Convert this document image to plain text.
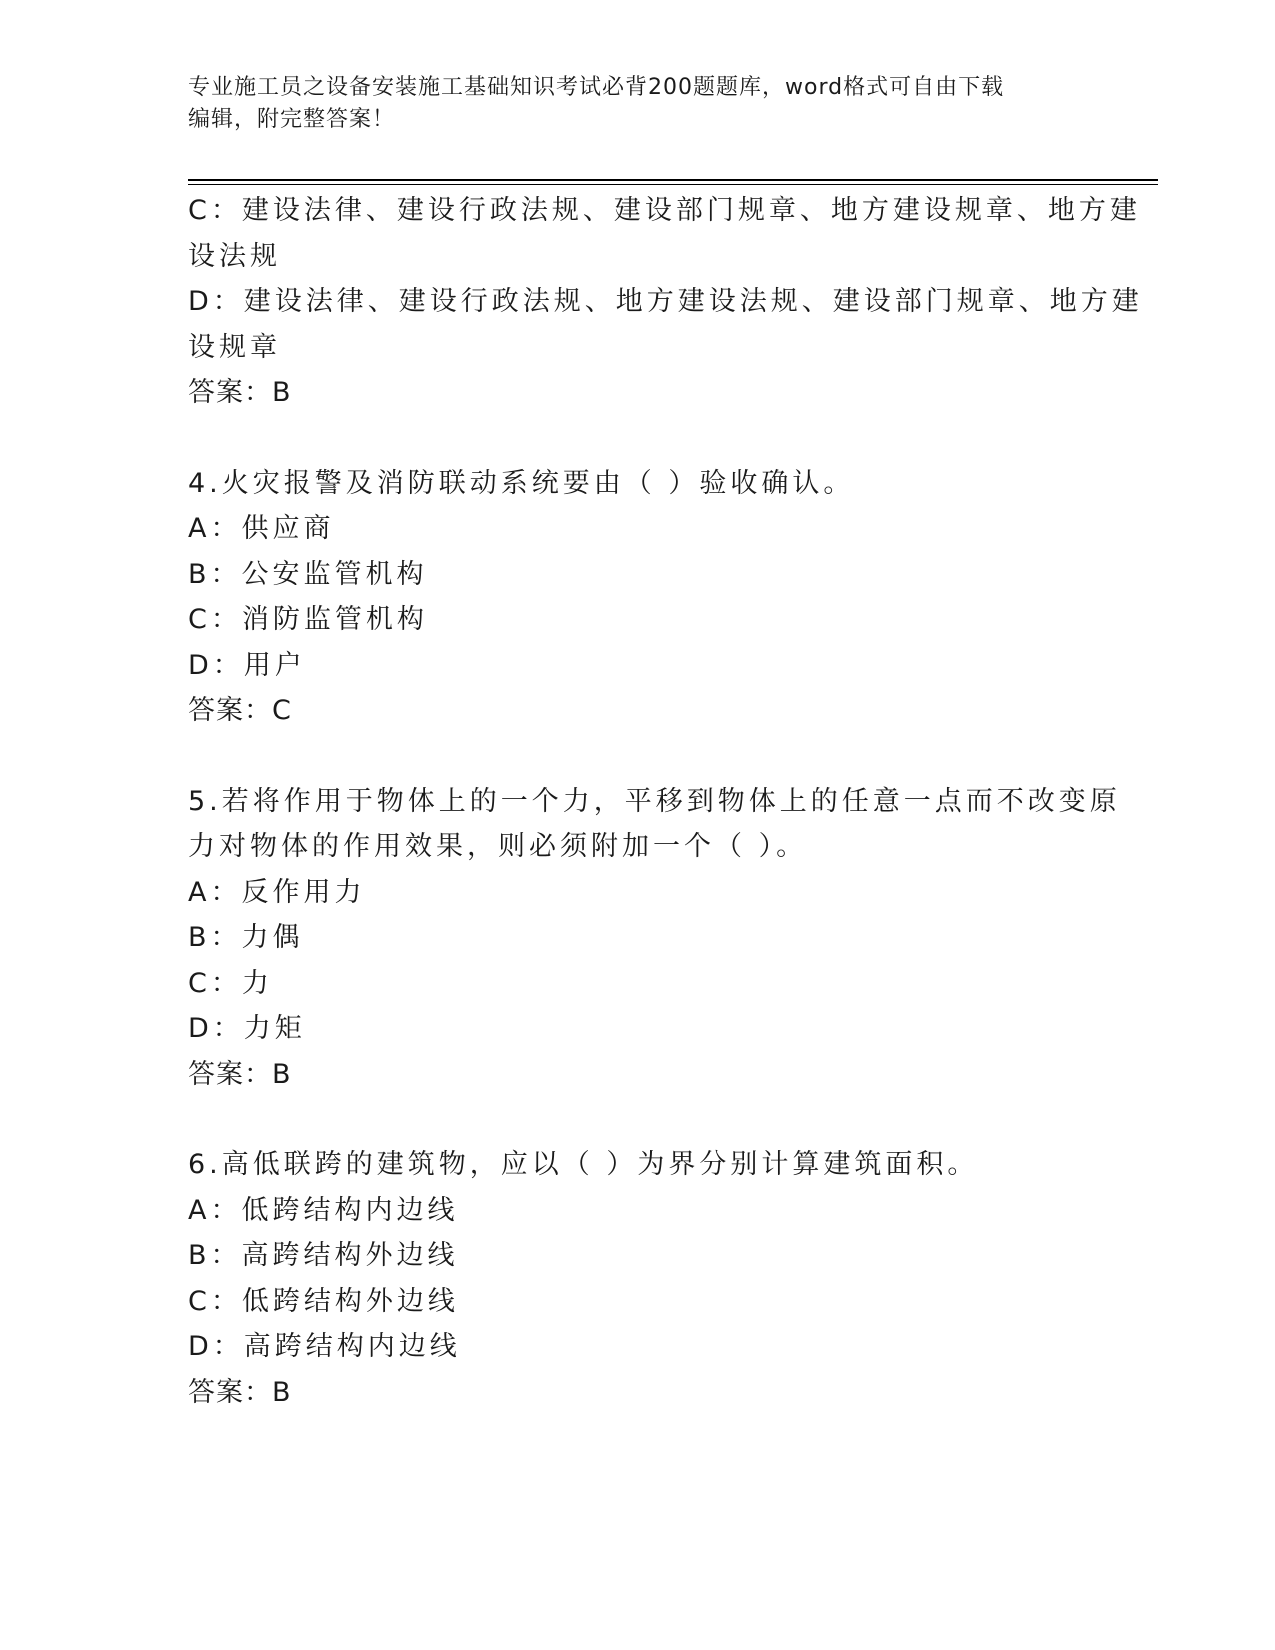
专业施工员之设备安装施工基础知识考试必背200题题库，word格式可自由下载
编辑，附完整答案！
C：建设法律、建设行政法规、建设部门规章、地方建设规章、地方建
设法规
D：建设法律、建设行政法规、地方建设法规、建设部门规章、地方建
设规章
答案：B
4.火灾报警及消防联动系统要由（ ）验收确认。
A：供应商
B：公安监管机构
C：消防监管机构
D：用户
答案：C
5.若将作用于物体上的一个力，平移到物体上的任意一点而不改变原
力对物体的作用效果，则必须附加一个（ ）。
A：反作用力
B：力偶
C：力
D：力矩
答案：B
6.高低联跨的建筑物，应以（ ）为界分别计算建筑面积。
A：低跨结构内边线
B：高跨结构外边线
C：低跨结构外边线
D：高跨结构内边线
答案：B
